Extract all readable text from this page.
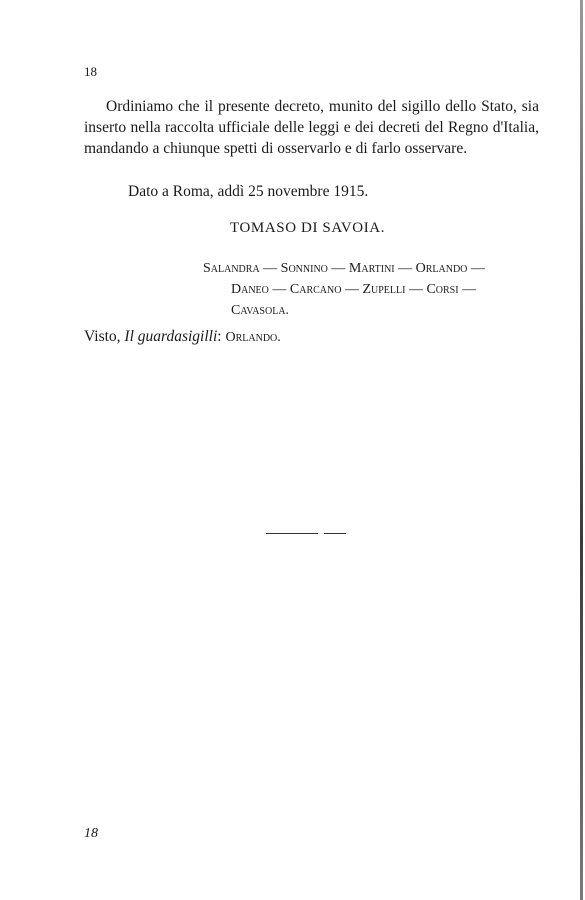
18

Ordiniamo che il presente decreto, munito del sigillo dello Stato, sia inserto nella raccolta ufficiale delle leggi e dei decreti del Regno d'Italia, mandando a chiunque spetti di osservarlo e di farlo osservare.

Dato a Roma, addì 25 novembre 1915.
TOMASO DI SAVOIA.
Salandra — Sonnino — Martini — Orlando —
Daneo — Carcano — Zupelli — Corsi —
Cavasola.
Visto, Il guardasigilli: Orlando.
18
